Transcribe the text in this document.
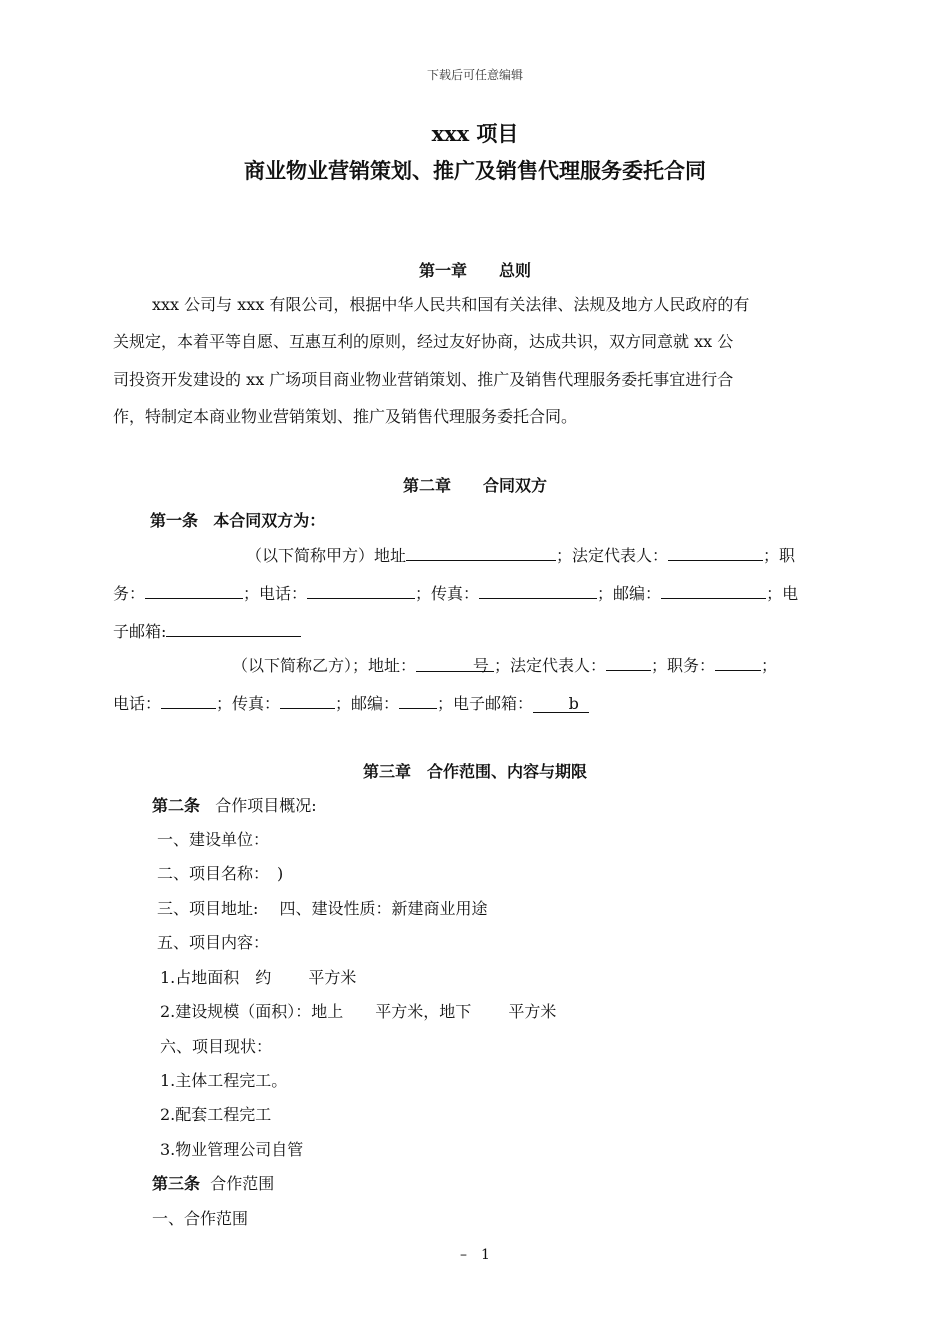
下载后可任意编辑
xxx 项目
商业物业营销策划、推广及销售代理服务委托合同
第一章　　总则
xxx 公司与 xxx 有限公司，根据中华人民共和国有关法律、法规及地方人民政府的有
关规定，本着平等自愿、互惠互利的原则，经过友好协商，达成共识，双方同意就 xx 公
司投资开发建设的 xx 广场项目商业物业营销策划、推广及销售代理服务委托事宜进行合
作，特制定本商业物业营销策划、推广及销售代理服务委托合同。
第二章　　合同双方
第一条 本合同双方为：
（以下简称甲方）地址	；法定代表人：	；职
务：	；电话：	；传真：	；邮编：	；电
子邮箱:
（以下简称乙方）；地址：	号 ；法定代表人：	；职务：	；
电话：	；传真：	；邮编： ；电子邮箱： b
第三章　合作范围、内容与期限
第二条 合作项目概况:
一、建设单位：
二、项目名称：　)
三、项目地址:　 四、建设性质：新建商业用途
五、项目内容：
1.占地面积　约　　 平方米
2.建设规模（面积）：地上　　平方米，地下　　 平方米
六、项目现状：
1.主体工程完工。
2.配套工程完工
3.物业管理公司自管
第三条 合作范围
一、合作范围
–　1
